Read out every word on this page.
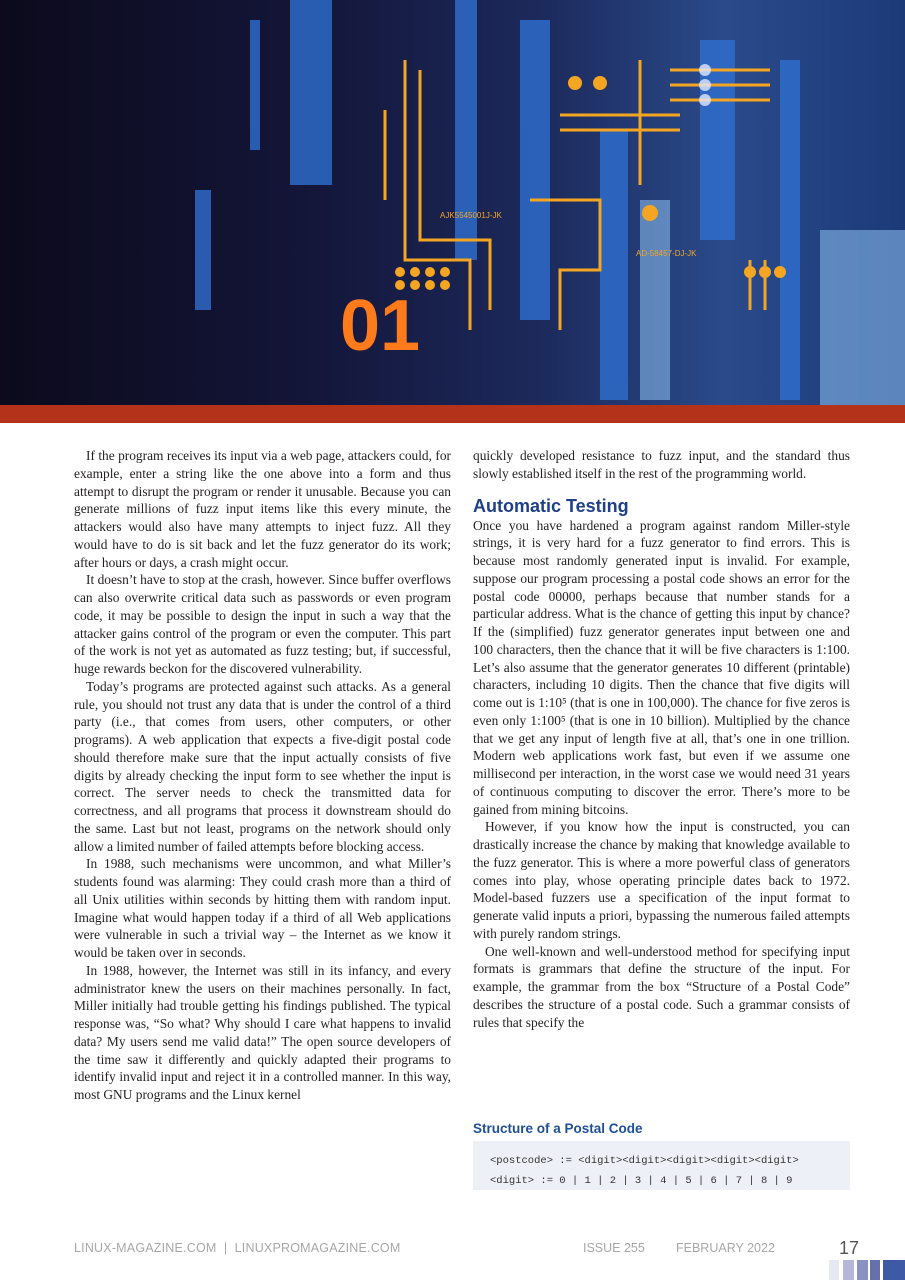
AJK5545001J-JK
AD-58457-DJ-JK
01

If the program receives its input via a web page, attackers could, for example, enter a string like the one above into a form and thus attempt to disrupt the program or render it unusable. Because you can generate millions of fuzz input items like this every minute, the attackers would also have many attempts to inject fuzz. All they would have to do is sit back and let the fuzz generator do its work; after hours or days, a crash might occur.

It doesn’t have to stop at the crash, however. Since buffer overflows can also overwrite critical data such as passwords or even program code, it may be possible to design the input in such a way that the attacker gains control of the program or even the computer. This part of the work is not yet as automated as fuzz testing; but, if successful, huge rewards beckon for the discovered vulnerability.

Today’s programs are protected against such attacks. As a general rule, you should not trust any data that is under the control of a third party (i.e., that comes from users, other computers, or other programs). A web application that expects a five-digit postal code should therefore make sure that the input actually consists of five digits by already checking the input form to see whether the input is correct. The server needs to check the transmitted data for correctness, and all programs that process it downstream should do the same. Last but not least, programs on the network should only allow a limited number of failed attempts before blocking access.

In 1988, such mechanisms were uncommon, and what Miller’s students found was alarming: They could crash more than a third of all Unix utilities within seconds by hitting them with random input. Imagine what would happen today if a third of all Web applications were vulnerable in such a trivial way – the Internet as we know it would be taken over in seconds.

In 1988, however, the Internet was still in its infancy, and every administrator knew the users on their machines personally. In fact, Miller initially had trouble getting his findings published. The typical response was, “So what? Why should I care what happens to invalid data? My users send me valid data!” The open source developers of the time saw it differently and quickly adapted their programs to identify invalid input and reject it in a controlled manner. In this way, most GNU programs and the Linux kernel

quickly developed resistance to fuzz input, and the standard thus slowly established itself in the rest of the programming world.

Automatic Testing

Once you have hardened a program against random Miller-style strings, it is very hard for a fuzz generator to find errors. This is because most randomly generated input is invalid. For example, suppose our program processing a postal code shows an error for the postal code 00000, perhaps because that number stands for a particular address. What is the chance of getting this input by chance? If the (simplified) fuzz generator generates input between one and 100 characters, then the chance that it will be five characters is 1:100. Let’s also assume that the generator generates 10 different (printable) characters, including 10 digits. Then the chance that five digits will come out is 1:10⁵ (that is one in 100,000). The chance for five zeros is even only 1:100⁵ (that is one in 10 billion). Multiplied by the chance that we get any input of length five at all, that’s one in one trillion. Modern web applications work fast, but even if we assume one millisecond per interaction, in the worst case we would need 31 years of continuous computing to discover the error. There’s more to be gained from mining bitcoins.

However, if you know how the input is constructed, you can drastically increase the chance by making that knowledge available to the fuzz generator. This is where a more powerful class of generators comes into play, whose operating principle dates back to 1972. Model-based fuzzers use a specification of the input format to generate valid inputs a priori, bypassing the numerous failed attempts with purely random strings.

One well-known and well-understood method for specifying input formats is grammars that define the structure of the input. For example, the grammar from the box “Structure of a Postal Code” describes the structure of a postal code. Such a grammar consists of rules that specify the

Structure of a Postal Code
<postcode> := <digit><digit><digit><digit><digit>
<digit> := 0 | 1 | 2 | 3 | 4 | 5 | 6 | 7 | 8 | 9
LINUX-MAGAZINE.COM  |  LINUXPROMAGAZINE.COM	ISSUE 255 FEBRUARY 2022	17
